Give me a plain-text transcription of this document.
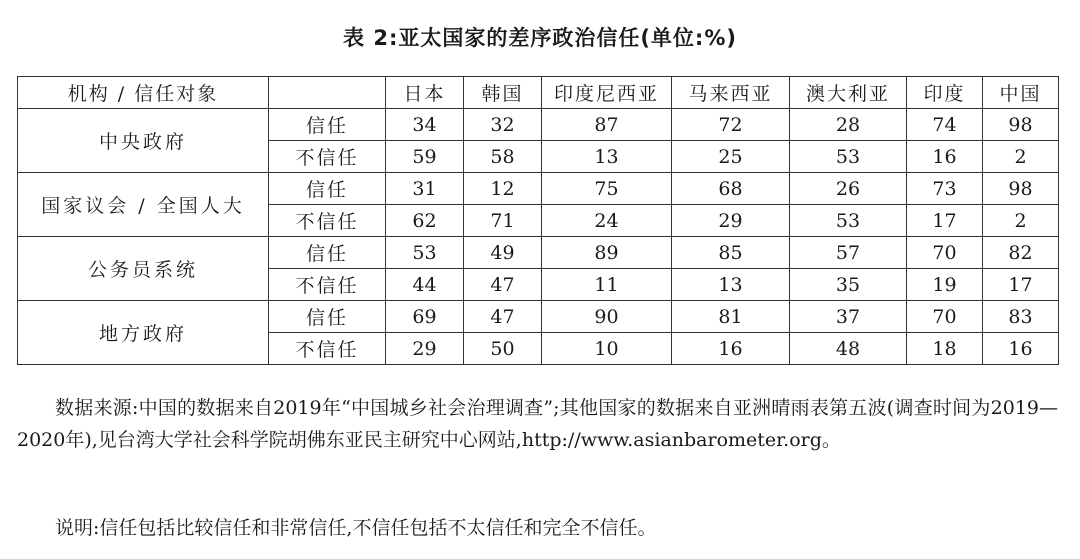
表 2:亚太国家的差序政治信任(单位:%)
机构 / 信任对象		日本	韩国	印度尼西亚	马来西亚	澳大利亚	印度	中国
中央政府	信任	34	32	87	72	28	74	98
	不信任	59	58	13	25	53	16	2
国家议会 / 全国人大	信任	31	12	75	68	26	73	98
	不信任	62	71	24	29	53	17	2
公务员系统	信任	53	49	89	85	57	70	82
	不信任	44	47	11	13	35	19	17
地方政府	信任	69	47	90	81	37	70	83
	不信任	29	50	10	16	48	18	16

数据来源:中国的数据来自2019年“中国城乡社会治理调查”;其他国家的数据来自亚洲晴雨表第五波(调查时间为2019—2020年),见台湾大学社会科学院胡佛东亚民主研究中心网站,http://www.asianbarometer.org。

说明:信任包括比较信任和非常信任,不信任包括不太信任和完全不信任。
